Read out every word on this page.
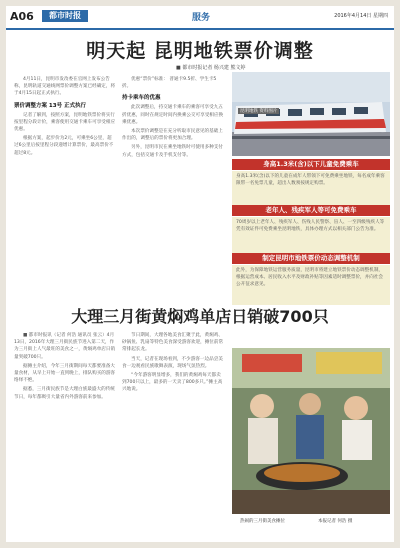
A06	都市时报	服务	2016年4月14日 星期四
明天起 昆明地铁票价调整
■ 都市时报记者 杨兴建 熊文婷

4月11日，昆明市发改委在官网上发布公告称，昆明轨道交通线网票价调整方案已经确定，将于4月15日起正式执行。

票价调整方案 13号 正式执行

记者了解到，按照方案，昆明地铁票价将实行按里程分段计价，乘客使用交通卡乘车可享受相应优惠。

根据方案，起步价为2元，可乘坐6公里，超过6公里后按里程分段递增计算票价，最高票价不超过8元。

优惠“票价”标准： 普通卡9.5折、学生卡5折。

持卡乘车的优惠

此次调整后，持交通卡乘车的乘客可享受九五折优惠，同时在规定时间内换乘公交可享受相应换乘优惠。

本次票价调整是在充分听取市民意见的基础上作出的，调整后的票价将更加合理。

另外，昆明市民在乘坐地铁时可使用多种支付方式，包括交通卡及手机支付等。

昆明地铁 资料图片
身高1.3米(含)以下儿童免费乘车
身高1.3米(含)以下的儿童在成年人带领下可免费乘坐地铁，每名成年乘客限带一名免票儿童，超出人数须按规定购票。
老年人、残疾军人等可免费乘车
70周岁以上老年人、残疾军人、伤残人民警察、盲人、一至四级残疾人等凭有效证件可免费乘坐昆明地铁，具体办理方式以相关部门公告为准。
制定昆明市地铁票价动态调整机制
此外，为保障地铁运营服务质量，昆明市将建立地铁票价动态调整机制，根据运营成本、居民收入水平及财政补贴等因素适时调整票价，并向社会公开征求意见。
大理三月街黄焖鸡单店日销破700只

■ 都市时报讯（记者 何浩 通讯员 张云）4月13日，2016年大理三月街民族节进入第二天，作为三月街上人气最旺的美食之一，黄焖鸡单店日销量突破700只。

据摊主介绍，今年三月街期间每天都要准备大量食材，从早上开始一直到晚上，排队购买的游客络绎不绝。

据悉，三月街民族节是大理白族最盛大的传统节日，每年都吸引大量省内外游客前来参加。

节日期间，大理各地美食汇聚于此，黄焖鸡、砂锅鱼、乳扇等特色美食深受游客欢迎，摊位前常常排起长龙。

当天，记者在现场看到，不少游客一边品尝美食一边观看民族歌舞表演，现场气氛热烈。

“今年游客明显增多，我们的黄焖鸡每天都卖到700只以上，最多的一天卖了800多只。”摊主高兴地说。

热闹的三月街美食摊位	本报记者 何浩 摄
